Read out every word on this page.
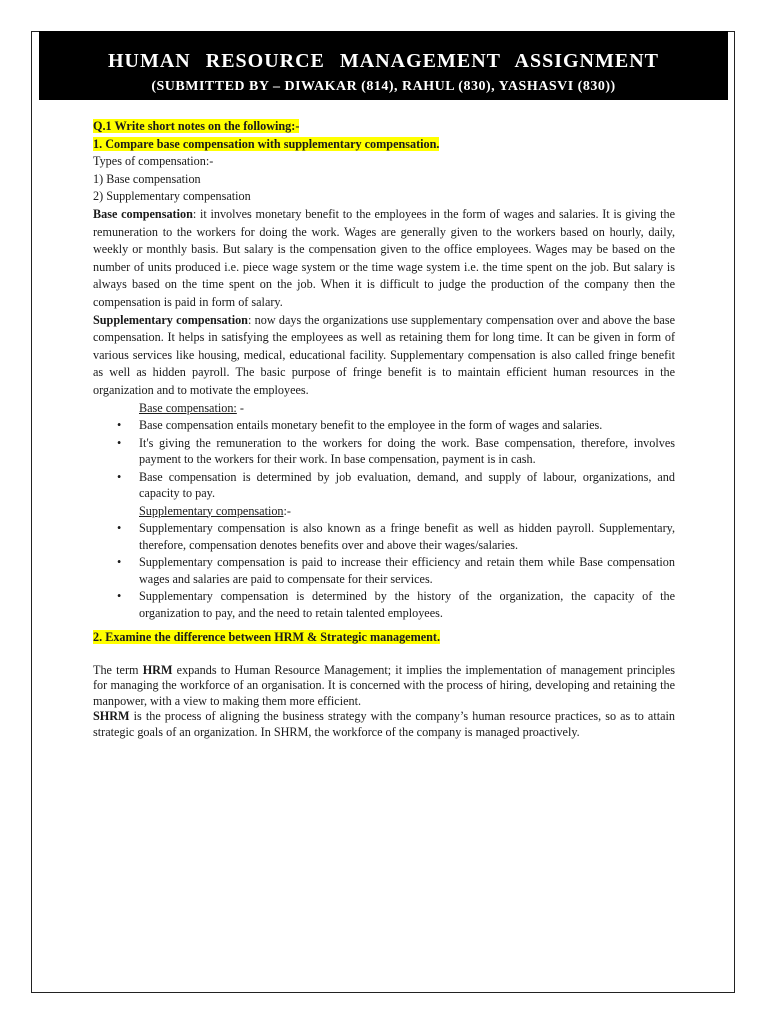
HUMAN RESOURCE MANAGEMENT ASSIGNMENT
(SUBMITTED BY – DIWAKAR (814), RAHUL (830), YASHASVI (830))

Q.1 Write short notes on the following:-

1. Compare base compensation with supplementary compensation.

Types of compensation:-

1) Base compensation

2) Supplementary compensation

Base compensation: it involves monetary benefit to the employees in the form of wages and salaries. It is giving the remuneration to the workers for doing the work. Wages are generally given to the workers based on hourly, daily, weekly or monthly basis. But salary is the compensation given to the office employees. Wages may be based on the number of units produced i.e. piece wage system or the time wage system i.e. the time spent on the job. But salary is always based on the time spent on the job. When it is difficult to judge the production of the company then the compensation is paid in form of salary.

Supplementary compensation: now days the organizations use supplementary compensation over and above the base compensation. It helps in satisfying the employees as well as retaining them for long time. It can be given in form of various services like housing, medical, educational facility. Supplementary compensation is also called fringe benefit as well as hidden payroll. The basic purpose of fringe benefit is to maintain efficient human resources in the organization and to motivate the employees.

Base compensation: -

• Base compensation entails monetary benefit to the employee in the form of wages and salaries.
• It's giving the remuneration to the workers for doing the work. Base compensation, therefore, involves payment to the workers for their work. In base compensation, payment is in cash.
• Base compensation is determined by job evaluation, demand, and supply of labour, organizations, and capacity to pay.

Supplementary compensation:-

• Supplementary compensation is also known as a fringe benefit as well as hidden payroll. Supplementary, therefore, compensation denotes benefits over and above their wages/salaries.
• Supplementary compensation is paid to increase their efficiency and retain them while Base compensation wages and salaries are paid to compensate for their services.
• Supplementary compensation is determined by the history of the organization, the capacity of the organization to pay, and the need to retain talented employees.

2. Examine the difference between HRM & Strategic management.

The term HRM expands to Human Resource Management; it implies the implementation of management principles for managing the workforce of an organisation. It is concerned with the process of hiring, developing and retaining the manpower, with a view to making them more efficient.
SHRM is the process of aligning the business strategy with the company’s human resource practices, so as to attain strategic goals of an organization. In SHRM, the workforce of the company is managed proactively.
